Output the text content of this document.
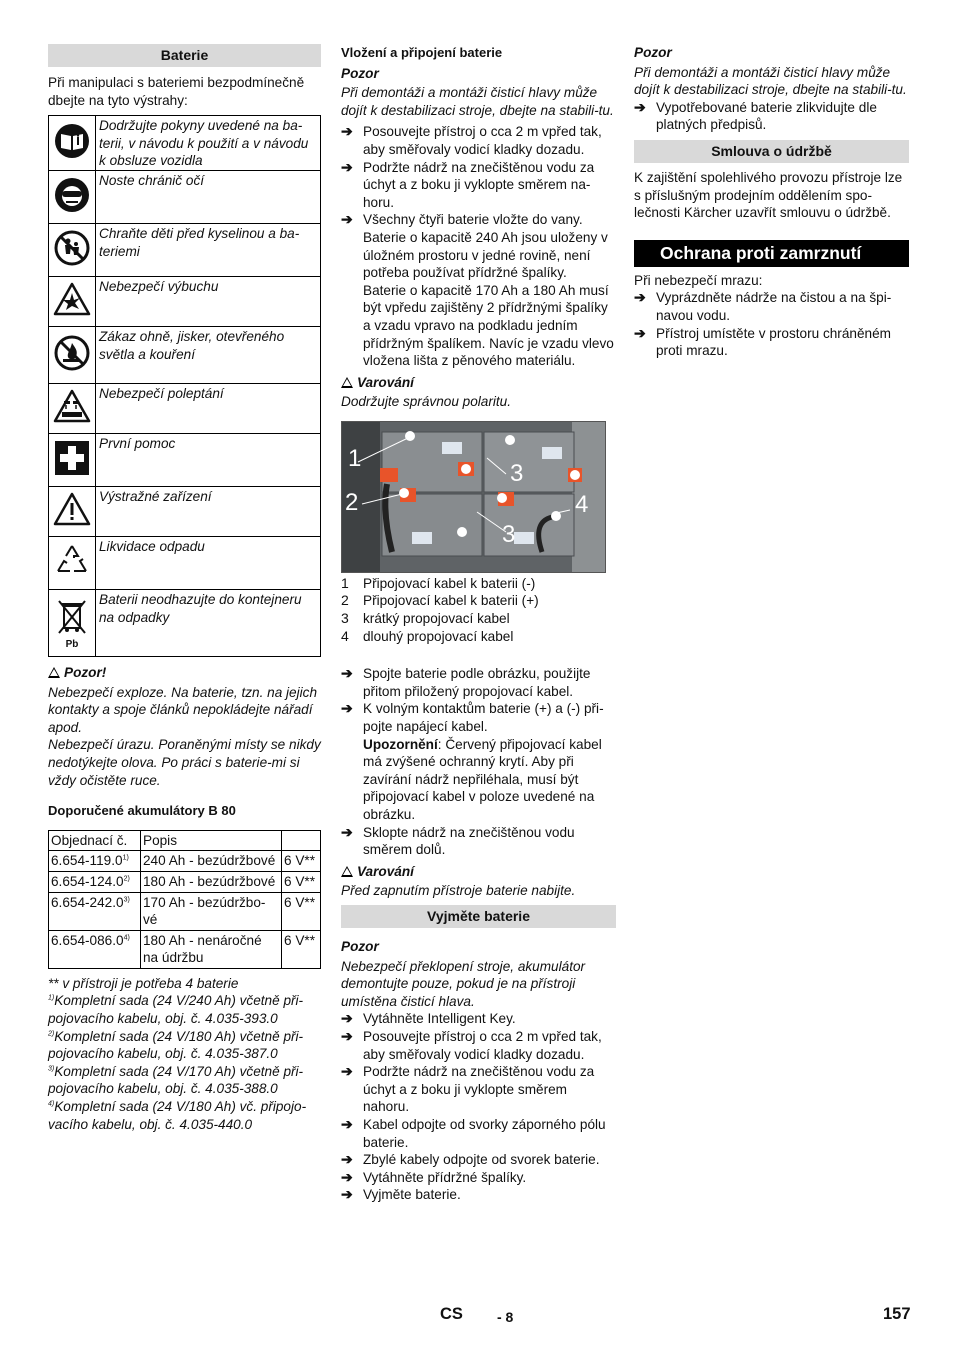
Baterie

Při manipulaci s bateriemi bezpodmínečně dbejte na tyto výstrahy:

	Dodržujte pokyny uvedené na ba-terii, v návodu k použití a v návodu k obsluze vozidla
	Noste chránič očí
	Chraňte děti před kyselinou a ba-teriemi
	Nebezpečí výbuchu
	Zákaz ohně, jisker, otevřeného světla a kouření
	Nebezpečí poleptání
	První pomoc
	Výstražné zařízení
	Likvidace odpadu

Pb	Baterii neodhazujte do kontejneru na odpadky

Pozor!

Nebezpečí exploze. Na baterie, tzn. na jejich kontakty a spoje článků nepokládejte nářadí apod.

Nebezpečí úrazu. Poraněnými místy se nikdy nedotýkejte olova. Po práci s baterie-mi si vždy očistěte ruce.

Doporučené akumulátory B 80

Objednací č.	Popis	
6.654-119.0$^{1)}$	240 Ah - bezúdržbové	6 V**
6.654-124.0$^{2)}$	180 Ah - bezúdržbové	6 V**
6.654-242.0$^{3)}$	170 Ah - bezúdržbo-vé	6 V**
6.654-086.0$^{4)}$	180 Ah - nenáročné na údržbu	6 V**

** v přístroji je potřeba 4 baterie

$^{1)}$Kompletní sada (24 V/240 Ah) včetně při-pojovacího kabelu, obj. č. 4.035-393.0

$^{2)}$Kompletní sada (24 V/180 Ah) včetně při-pojovacího kabelu, obj. č. 4.035-387.0

$^{3)}$Kompletní sada (24 V/170 Ah) včetně při-pojovacího kabelu, obj. č. 4.035-388.0

$^{4)}$Kompletní sada (24 V/180 Ah) vč. připojo-vacího kabelu, obj. č. 4.035-440.0

Vložení a připojení baterie

Pozor

Při demontáži a montáži čisticí hlavy může dojít k destabilizaci stroje, dbejte na stabili-tu.

➔ Posouvejte přístroj o cca 2 m vpřed tak, aby směřovaly vodicí kladky dozadu.
➔ Podržte nádrž na znečištěnou vodu za úchyt a z boku ji vyklopte směrem na-horu.
➔ Všechny čtyři baterie vložte do vany.

Baterie o kapacitě 240 Ah jsou uloženy v úložném prostoru v jedné rovině, není potřeba používat přídržné špalíky.

Baterie o kapacitě 170 Ah a 180 Ah musí být vpředu zajištěny 2 přídržnými špalíky a vzadu vpravo na podkladu jedním přídržným špalíkem. Navíc je vzadu vlevo vložena lišta z pěnového materiálu.

Varování

Dodržujte správnou polaritu.

1
2
3
3
4
1	Připojovací kabel k baterii (-)
2	Připojovací kabel k baterii (+)
3	krátký propojovací kabel
4	dlouhý propojovací kabel
➔ Spojte baterie podle obrázku, použijte přitom přiložený propojovací kabel.
➔ K volným kontaktům baterie (+) a (-) při-pojte napájecí kabel.

Upozornění: Červený připojovací kabel má zvýšené ochranný krytí. Aby při zavírání nádrž nepřiléhala, musí být připojovací kabel v poloze uvedené na obrázku.

➔ Sklopte nádrž na znečištěnou vodu směrem dolů.

Varování

Před zapnutím přístroje baterie nabijte.

Vyjměte baterie

Pozor

Nebezpečí překlopení stroje, akumulátor demontujte pouze, pokud je na přístroji umístěna čisticí hlava.

➔ Vytáhněte Intelligent Key.
➔ Posouvejte přístroj o cca 2 m vpřed tak, aby směřovaly vodicí kladky dozadu.
➔ Podržte nádrž na znečištěnou vodu za úchyt a z boku ji vyklopte směrem nahoru.
➔ Kabel odpojte od svorky záporného pólu baterie.
➔ Zbylé kabely odpojte od svorek baterie.
➔ Vytáhněte přídržné špalíky.
➔ Vyjměte baterie.

Pozor

Při demontáži a montáži čisticí hlavy může dojít k destabilizaci stroje, dbejte na stabili-tu.

➔ Vypotřebované baterie zlikvidujte dle platných předpisů.
Smlouva o údržbě

K zajištění spolehlivého provozu přístroje lze s příslušným prodejním oddělením spo-lečnosti Kärcher uzavřít smlouvu o údržbě.

Ochrana proti zamrznutí

Při nebezpečí mrazu:

➔ Vyprázdněte nádrže na čistou a na špi-navou vodu.
➔ Přístroj umístěte v prostoru chráněném proti mrazu.
CS - 8	157
